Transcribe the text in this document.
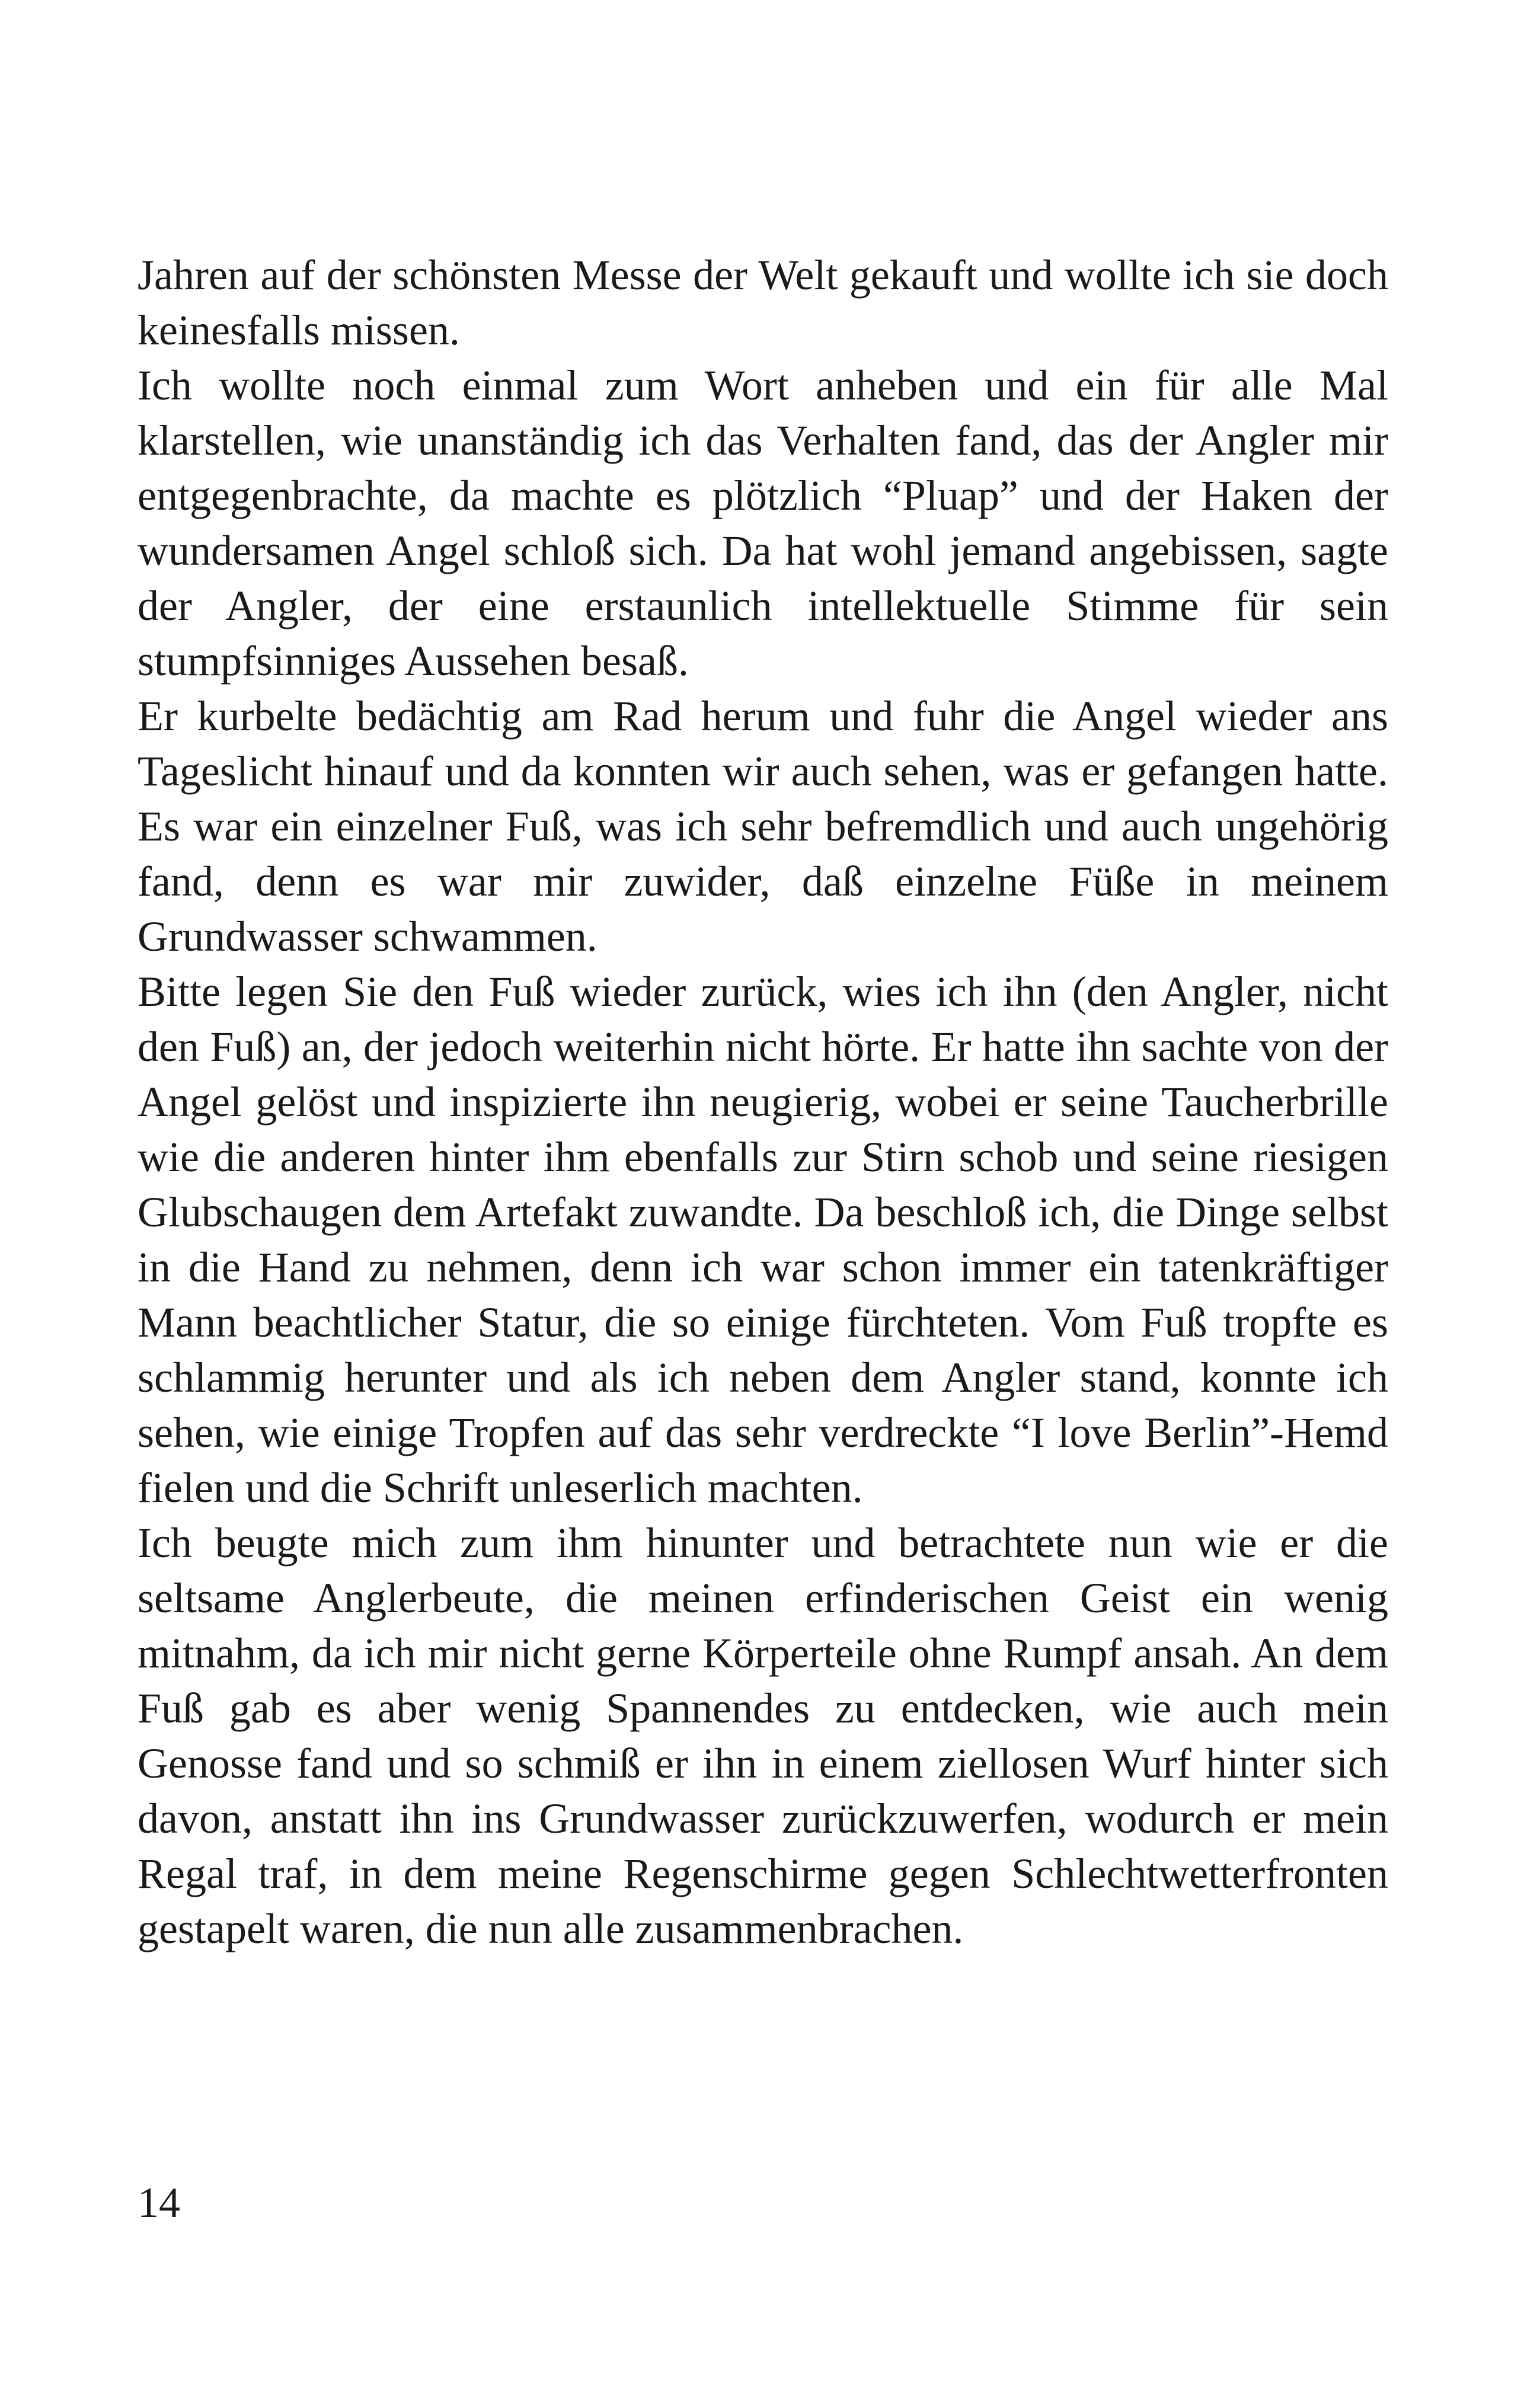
Jahren auf der schönsten Messe der Welt gekauft und wollte ich sie doch keinesfalls missen.

Ich wollte noch einmal zum Wort anheben und ein für alle Mal klarstellen, wie unanständig ich das Verhalten fand, das der Angler mir entgegenbrachte, da machte es plötzlich “Pluap” und der Haken der wundersamen Angel schloß sich. Da hat wohl jemand angebissen, sagte der Angler, der eine erstaunlich intellektuelle Stimme für sein stumpfsinniges Aussehen besaß.

Er kurbelte bedächtig am Rad herum und fuhr die Angel wieder ans Tageslicht hinauf und da konnten wir auch sehen, was er gefangen hatte. Es war ein einzelner Fuß, was ich sehr befremdlich und auch ungehörig fand, denn es war mir zuwider, daß einzelne Füße in meinem Grundwasser schwammen.

Bitte legen Sie den Fuß wieder zurück, wies ich ihn (den Angler, nicht den Fuß) an, der jedoch weiterhin nicht hörte. Er hatte ihn sachte von der Angel gelöst und inspizierte ihn neugierig, wobei er seine Taucherbrille wie die anderen hinter ihm ebenfalls zur Stirn schob und seine riesigen Glubschaugen dem Artefakt zuwandte. Da beschloß ich, die Dinge selbst in die Hand zu nehmen, denn ich war schon immer ein tatenkräftiger Mann beachtlicher Statur, die so einige fürchteten. Vom Fuß tropfte es schlammig herunter und als ich neben dem Angler stand, konnte ich sehen, wie einige Tropfen auf das sehr verdreckte “I love Berlin”-Hemd fielen und die Schrift unleserlich machten.

Ich beugte mich zum ihm hinunter und betrachtete nun wie er die seltsame Anglerbeute, die meinen erfinderischen Geist ein wenig mitnahm, da ich mir nicht gerne Körperteile ohne Rumpf ansah. An dem Fuß gab es aber wenig Spannendes zu entdecken, wie auch mein Genosse fand und so schmiß er ihn in einem ziellosen Wurf hinter sich davon, anstatt ihn ins Grundwasser zurückzuwerfen, wodurch er mein Regal traf, in dem meine Regenschirme gegen Schlechtwetterfronten gestapelt waren, die nun alle zusammenbrachen.

14
